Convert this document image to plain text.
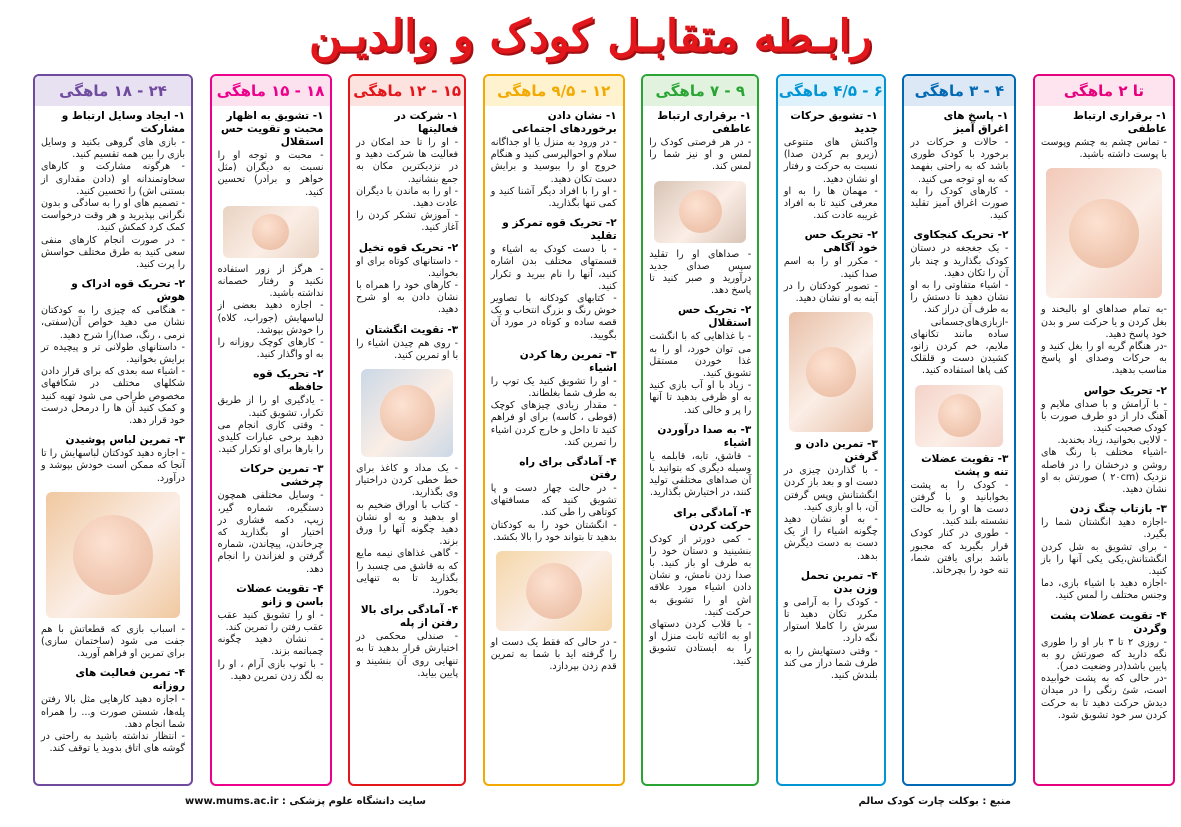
رابـطه متقابـل کودک و والدیـن
تا ۲ ماهگی
۱- برقراری ارتباط عاطفی
- تماس چشم به چشم وپوست با پوست داشته باشید.
-به تمام صداهای او بالبخند و بغل کردن و یا حرکت سر و بدن خود پاسخ دهید.
-در هنگام گریه او را بغل کنید و به حرکات وصدای او پاسخ مناسب بدهید.
۲- تحریک حواس
- با آرامش و با صدای ملایم و آهنگ دار از دو طرف صورت با کودک صحبت کنید.
- لالایی بخوانید، زیاد بخندید.
-اشیاء مختلف با رنگ های روشن و درخشان را در فاصله نزدیک (۲۰cm ) صورتش به او نشان دهید.
۳- بازتاب چنگ زدن
-اجازه دهید انگشتان شما را بگیرد.
- برای تشویق به شل کردن انگشتانش،یکی یکی آنها را باز کنید.
-اجازه دهید با اشیاء بازی، دما وجنس مختلف را لمس کنید.
۴- تقویت عضلات پشت وگردن
- روزی ۲ تا ۳ بار او را طوری نگه دارید که صورتش رو به پایین باشد(در وضعیت دمر).
-در حالی که به پشت خوابیده است، شئ رنگی را در میدان دیدش حرکت دهید تا به حرکت کردن سر خود تشویق شود.
۴ - ۳ ماهگی
۱- پاسخ های اغراق آمیز
- حالات و حرکات در برخورد با کودک طوری باشد که به راحتی بفهمد که به او توجه می کنید.
- کارهای کودک را به صورت اغراق آمیز تقلید کنید.
۲- تحریک کنجکاوی
- یک جغجغه در دستان کودک بگذارید و چند بار آن را تکان دهید.
- اشیاء متفاوتی را به او نشان دهید تا دستش را به طرف آن دراز کند.
-ازبازی‌های‌جسمانی ساده مانند تکانهای ملایم، خم کردن زانو، کشیدن دست و قلقلک کف پاها استفاده کنید.
۳- تقویت عضلات تنه و پشت
- کودک را به پشت بخوابانید و با گرفتن دست ها او را به حالت نشسته بلند کنید.
- طوری در کنار کودک قرار بگیرید که مجبور باشد برای یافتن شما، تنه خود را بچرخاند.
۶ - ۴/۵ ماهگی
۱- تشویق حرکات جدید
واکنش های متنوعی (زیرو بم کردن صدا) نسبت به حرکت و رفتار او نشان دهید.
- مهمان ها را به او معرفی کنید تا به افراد غریبه عادت کند.
۲- تحریک حس خود آگاهی
- مکرر او را به اسم صدا کنید.
- تصویر کودکتان را در آینه به او نشان دهید.
۳- تمرین دادن و گرفتن
- با گذاردن چیزی در دست او و بعد باز کردن انگشتانش وپس گرفتن آن، با او بازی کنید.
- به او نشان دهید چگونه اشیاء را از یک دست به دست دیگرش بدهد.
۴- تمرین تحمل وزن بدن
- کودک را به آرامی و مکرر تکان دهید تا سرش را کاملا استوار نگه دارد.
- وقتی دستهایش را به طرف شما دراز می کند بلندش کنید.
۹ - ۷ ماهگی
۱- برقراری ارتباط عاطفی
- در هر فرصتی کودک را لمس و او نیز شما را لمس کند.
- صداهای او را تقلید سپس صدای جدید درآورید و صبر کنید تا پاسخ دهد.
۲- تحریک حس استقلال
- با غذاهایی که با انگشت می توان خورد، او را به غذا خوردن مستقل تشویق کنید.
- زیاد با او آب بازی کنید به او ظرفی بدهید تا آنها را پر و خالی کند.
۳- به صدا درآوردن اشیاء
- قاشق، تابه، قابلمه یا وسیله دیگری که بتوانید با آن صداهای مختلفی تولید کنند، در اختیارش بگذارید.
۴- آمادگی برای حرکت کردن
- کمی دورتر از کودک بنشینید و دستان خود را به طرف او باز کنید. با صدا زدن نامش، و نشان دادن اشیاء مورد علاقه اش او را تشویق به حرکت کنید.
- با قلاب کردن دستهای او به اثاثیه ثابت منزل او را به ایستادن تشویق کنید.
۱۲ - ۹/۵ ماهگی
۱- نشان دادن برخوردهای اجتماعی
- در ورود به منزل یا او جداگانه سلام و احوالپرسی کنید و هنگام خروج او را ببوسید و برایش دست تکان دهید.
- او را با افراد دیگر آشنا کنید و کمی تنها بگذارید.
۲- تحریک قوه تمرکز و تقلید
- با دست کودک به اشیاء و قسمتهای مختلف بدن اشاره کنید، آنها را نام ببرید و تکرار کنید.
- کتابهای کودکانه با تصاویر خوش رنگ و بزرگ انتخاب و یک قصه ساده و کوتاه در مورد آن بگویید.
۳- تمرین رها کردن اشیاء
- او را تشویق کنید یک توپ را به طرف شما بغلطاند.
- مقدار زیادی چیزهای کوچک (قوطی ، کاسه) برای او فراهم کنید تا داخل و خارج کردن اشیاء را تمرین کند.
۴- آمادگی برای راه رفتن
- در حالت چهار دست و پا تشویق کنید که مسافتهای کوتاهی را طی کند.
- انگشتان خود را به کودکتان بدهید تا بتواند خود را بالا بکشد.
- در حالی که فقط یک دست او را گرفته اید با شما به تمرین قدم زدن بپردازد.
۱۵ - ۱۲ ماهگی
۱- شرکت در فعالیتها
- او را تا حد امکان در فعالیت ها شرکت دهید و در نزدیکترین مکان به جمع بنشانید.
- او را به ماندن با دیگران عادت دهید.
- آموزش تشکر کردن را آغاز کنید.
۲- تحریک قوه تخیل
- داستانهای کوتاه برای او بخوانید.
- کارهای خود را همراه با نشان دادن به او شرح دهید.
۳- تقویت انگشتان
- روی هم چیدن اشیاء را با او تمرین کنید.
- یک مداد و کاغذ برای خط خطی کردن دراختیار وی بگذارید.
- کتاب با اوراق ضخیم به او بدهید و به او نشان دهید چگونه آنها را ورق بزند.
- گاهی غذاهای نیمه مایع که به قاشق می چسبد را بگذارید تا به تنهایی بخورد.
۴- آمادگی برای بالا رفتن از پله
- صندلی محکمی در اختیارش قرار بدهید تا به تنهایی روی آن بنشیند و پایین بیاید.
۱۸ - ۱۵ ماهگی
۱- تشویق به اظهار محبت و تقویت حس استقلال
- محبت و توجه او را نسبت به دیگران (مثل خواهر و برادر) تحسین کنید.
- هرگز از زور استفاده نکنید و رفتار خصمانه نداشته باشید.
- اجازه دهید بعضی از لباسهایش (جوراب، کلاه) را خودش بپوشد.
- کارهای کوچک روزانه را به او واگذار کنید.
۲- تحریک قوه حافظه
- یادگیری او را از طریق تکرار، تشویق کنید.
- وقتی کاری انجام می دهید برخی عبارات کلیدی را بارها برای او تکرار کنید.
۳- تمرین حرکات چرخشی
- وسایل مختلفی همچون دستگیره، شماره گیر، زیپ، دکمه فشاری در اختیار او بگذارید که چرخاندن، پیچاندن، شماره گرفتن و لغزاندن را انجام دهد.
۴- تقویت عضلات باسن و زانو
- او را تشویق کنید عقب عقب رفتن را تمرین کند.
- نشان دهید چگونه چمباتمه بزند.
- با توپ بازی آرام ، او را به لگد زدن تمرین دهید.
۲۴ - ۱۸ ماهگی
۱- ایجاد وسایل ارتباط و مشارکت
- بازی های گروهی بکنید و وسایل بازی را بین همه تقسیم کنید.
- هرگونه مشارکت و کارهای سخاوتمندانه او (دادن مقداری از بستنی اش) را تحسین کنید.
- تصمیم های او را به سادگی و بدون نگرانی بپذیرید و هر وقت درخواست کمک کرد کمکش کنید.
- در صورت انجام کارهای منفی سعی کنید به طرق مختلف حواسش را پرت کنید.
۲- تحریک قوه ادراک و هوش
- هنگامی که چیزی را به کودکتان نشان می دهید خواص آن(سفتی، نرمی ، رنگ، صدا)را شرح دهید.
- داستانهای طولانی تر و پیچیده تر برایش بخوانید.
- اشیاء سه بعدی که برای قرار دادن شکلهای مختلف در شکافهای مخصوص طراحی می شود تهیه کنید و کمک کنید آن ها را درمحل درست خود قرار دهد.
۳- تمرین لباس پوشیدن
- اجازه دهید کودکتان لباسهایش را تا آنجا که ممکن است خودش بپوشد و درآورد.
- اسباب بازی که قطعاتش با هم جفت می شود (ساختمان سازی) برای تمرین او فراهم آورید.
۴- تمرین فعالیت های روزانه
- اجازه دهید کارهایی مثل بالا رفتن پله‌ها، شستن صورت و... را همراه شما انجام دهد.
- انتظار نداشته باشید به راحتی در گوشه های اتاق بدوید یا توقف کند.
منبع : بوکلت چارت کودک سالم
سایت دانشگاه علوم پزشکی : www.mums.ac.ir
